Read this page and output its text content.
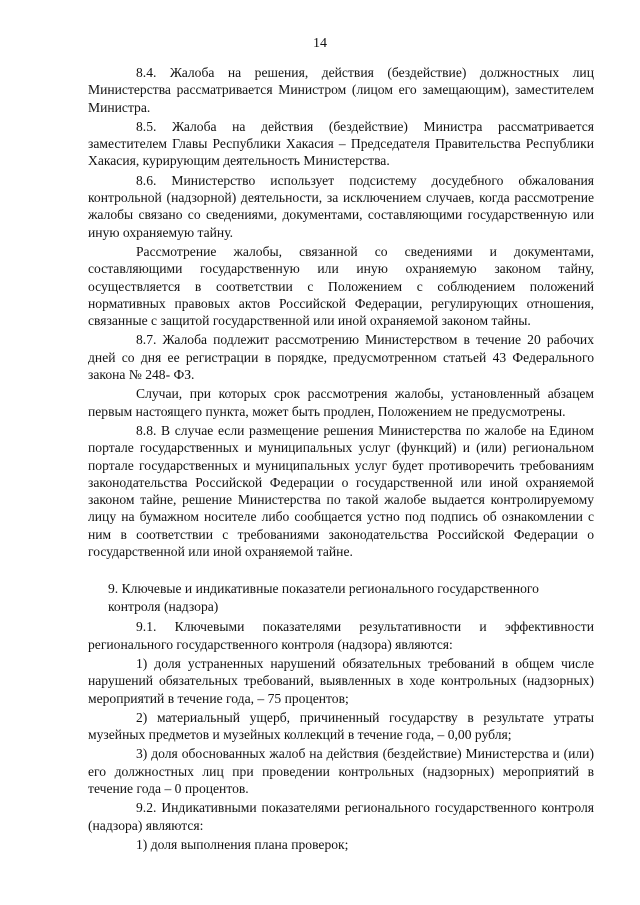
14

8.4. Жалоба на решения, действия (бездействие) должностных лиц Министерства рассматривается Министром (лицом его замещающим), заместителем Министра.

8.5. Жалоба на действия (бездействие) Министра рассматривается заместителем Главы Республики Хакасия – Председателя Правительства Республики Хакасия, курирующим деятельность Министерства.

8.6. Министерство использует подсистему досудебного обжалования контрольной (надзорной) деятельности, за исключением случаев, когда рассмотрение жалобы связано со сведениями, документами, составляющими государственную или иную охраняемую тайну.

Рассмотрение жалобы, связанной со сведениями и документами, составляющими государственную или иную охраняемую законом тайну, осуществляется в соответствии с Положением с соблюдением положений нормативных правовых актов Российской Федерации, регулирующих отношения, связанные с защитой государственной или иной охраняемой законом тайны.

8.7. Жалоба подлежит рассмотрению Министерством в течение 20 рабочих дней со дня ее регистрации в порядке, предусмотренном статьей 43 Федерального закона № 248- ФЗ.

Случаи, при которых срок рассмотрения жалобы, установленный абзацем первым настоящего пункта, может быть продлен, Положением не предусмотрены.

8.8. В случае если размещение решения Министерства по жалобе на Едином портале государственных и муниципальных услуг (функций) и (или) региональном портале государственных и муниципальных услуг будет противоречить требованиям законодательства Российской Федерации о государственной или иной охраняемой законом тайне, решение Министерства по такой жалобе выдается контролируемому лицу на бумажном носителе либо сообщается устно под подпись об ознакомлении с ним в соответствии с требованиями законодательства Российской Федерации о государственной или иной охраняемой тайне.

9. Ключевые и индикативные показатели регионального государственного
контроля (надзора)

9.1. Ключевыми показателями результативности и эффективности регионального государственного контроля (надзора) являются:

1) доля устраненных нарушений обязательных требований в общем числе нарушений обязательных требований, выявленных в ходе контрольных (надзорных) мероприятий в течение года, – 75 процентов;

2) материальный ущерб, причиненный государству в результате утраты музейных предметов и музейных коллекций в течение года, – 0,00 рубля;

3) доля обоснованных жалоб на действия (бездействие) Министерства и (или) его должностных лиц при проведении контрольных (надзорных) мероприятий в течение года – 0 процентов.

9.2. Индикативными показателями регионального государственного контроля (надзора) являются:

1) доля выполнения плана проверок;
